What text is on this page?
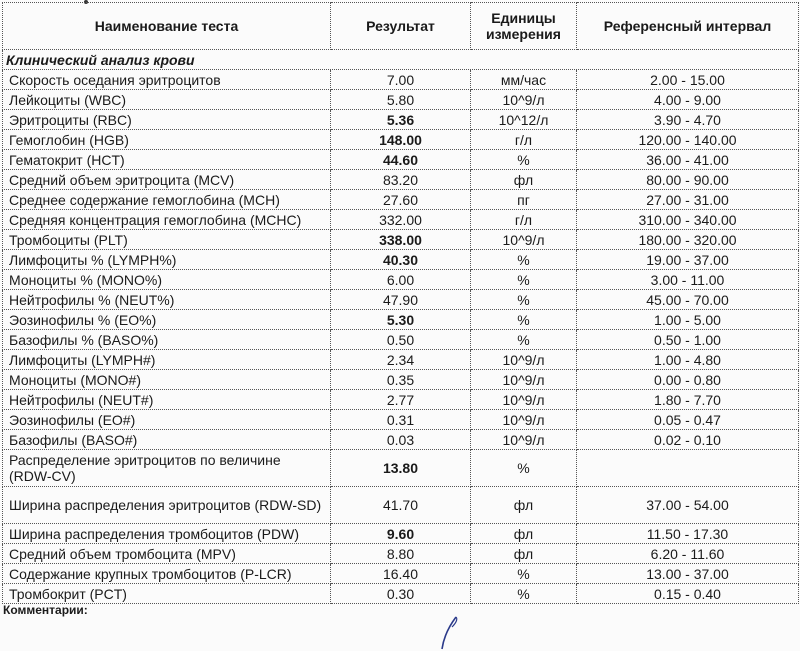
Наименование теста	Результат	Единицы измерения	Референсный интервал
Клинический анализ крови			
Скорость оседания эритроцитов	7.00	мм/час	2.00 - 15.00
Лейкоциты (WBC)	5.80	10^9/л	4.00 - 9.00
Эритроциты (RBC)	5.36	10^12/л	3.90 - 4.70
Гемоглобин (HGB)	148.00	г/л	120.00 - 140.00
Гематокрит (HCT)	44.60	%	36.00 - 41.00
Средний объем эритроцита (MCV)	83.20	фл	80.00 - 90.00
Среднее содержание гемоглобина (MCH)	27.60	пг	27.00 - 31.00
Средняя концентрация гемоглобина (MCHC)	332.00	г/л	310.00 - 340.00
Тромбоциты (PLT)	338.00	10^9/л	180.00 - 320.00
Лимфоциты % (LYMPH%)	40.30	%	19.00 - 37.00
Моноциты % (MONO%)	6.00	%	3.00 - 11.00
Нейтрофилы % (NEUT%)	47.90	%	45.00 - 70.00
Эозинофилы % (EO%)	5.30	%	1.00 - 5.00
Базофилы % (BASO%)	0.50	%	0.50 - 1.00
Лимфоциты (LYMPH#)	2.34	10^9/л	1.00 - 4.80
Моноциты (MONO#)	0.35	10^9/л	0.00 - 0.80
Нейтрофилы (NEUT#)	2.77	10^9/л	1.80 - 7.70
Эозинофилы (EO#)	0.31	10^9/л	0.05 - 0.47
Базофилы (BASO#)	0.03	10^9/л	0.02 - 0.10
Распределение эритроцитов по величине (RDW-CV)	13.80	%	
Ширина распределения эритроцитов (RDW-SD)	41.70	фл	37.00 - 54.00
Ширина распределения тромбоцитов (PDW)	9.60	фл	11.50 - 17.30
Средний объем тромбоцита (MPV)	8.80	фл	6.20 - 11.60
Содержание крупных тромбоцитов (P-LCR)	16.40	%	13.00 - 37.00
Тромбокрит (PCT)	0.30	%	0.15 - 0.40
Комментарии:
